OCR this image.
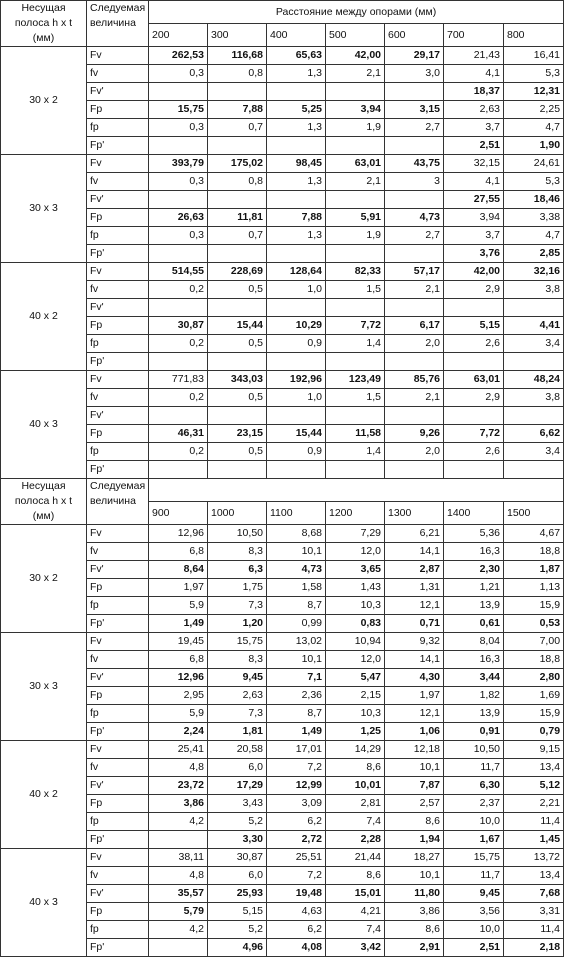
Несущая полоса h x t (мм)	Следуемая величина	Расстояние между опорами (мм)						
		200	300	400	500	600	700	800
30 x 2	Fv	262,53	116,68	65,63	42,00	29,17	21,43	16,41
	fv	0,3	0,8	1,3	2,1	3,0	4,1	5,3
	Fv'						18,37	12,31
	Fp	15,75	7,88	5,25	3,94	3,15	2,63	2,25
	fp	0,3	0,7	1,3	1,9	2,7	3,7	4,7
	Fp'						2,51	1,90
30 x 3	Fv	393,79	175,02	98,45	63,01	43,75	32,15	24,61
	fv	0,3	0,8	1,3	2,1	3	4,1	5,3
	Fv'						27,55	18,46
	Fp	26,63	11,81	7,88	5,91	4,73	3,94	3,38
	fp	0,3	0,7	1,3	1,9	2,7	3,7	4,7
	Fp'						3,76	2,85
40 x 2	Fv	514,55	228,69	128,64	82,33	57,17	42,00	32,16
	fv	0,2	0,5	1,0	1,5	2,1	2,9	3,8
	Fv'							
	Fp	30,87	15,44	10,29	7,72	6,17	5,15	4,41
	fp	0,2	0,5	0,9	1,4	2,0	2,6	3,4
	Fp'							
40 x 3	Fv	771,83	343,03	192,96	123,49	85,76	63,01	48,24
	fv	0,2	0,5	1,0	1,5	2,1	2,9	3,8
	Fv'							
	Fp	46,31	23,15	15,44	11,58	9,26	7,72	6,62
	fp	0,2	0,5	0,9	1,4	2,0	2,6	3,4
	Fp'							
Несущая полоса h x t (мм)	Следуемая величина							
		900	1000	1100	1200	1300	1400	1500
30 x 2	Fv	12,96	10,50	8,68	7,29	6,21	5,36	4,67
	fv	6,8	8,3	10,1	12,0	14,1	16,3	18,8
	Fv'	8,64	6,3	4,73	3,65	2,87	2,30	1,87
	Fp	1,97	1,75	1,58	1,43	1,31	1,21	1,13
	fp	5,9	7,3	8,7	10,3	12,1	13,9	15,9
	Fp'	1,49	1,20	0,99	0,83	0,71	0,61	0,53
30 x 3	Fv	19,45	15,75	13,02	10,94	9,32	8,04	7,00
	fv	6,8	8,3	10,1	12,0	14,1	16,3	18,8
	Fv'	12,96	9,45	7,1	5,47	4,30	3,44	2,80
	Fp	2,95	2,63	2,36	2,15	1,97	1,82	1,69
	fp	5,9	7,3	8,7	10,3	12,1	13,9	15,9
	Fp'	2,24	1,81	1,49	1,25	1,06	0,91	0,79
40 x 2	Fv	25,41	20,58	17,01	14,29	12,18	10,50	9,15
	fv	4,8	6,0	7,2	8,6	10,1	11,7	13,4
	Fv'	23,72	17,29	12,99	10,01	7,87	6,30	5,12
	Fp	3,86	3,43	3,09	2,81	2,57	2,37	2,21
	fp	4,2	5,2	6,2	7,4	8,6	10,0	11,4
	Fp'		3,30	2,72	2,28	1,94	1,67	1,45
40 x 3	Fv	38,11	30,87	25,51	21,44	18,27	15,75	13,72
	fv	4,8	6,0	7,2	8,6	10,1	11,7	13,4
	Fv'	35,57	25,93	19,48	15,01	11,80	9,45	7,68
	Fp	5,79	5,15	4,63	4,21	3,86	3,56	3,31
	fp	4,2	5,2	6,2	7,4	8,6	10,0	11,4
	Fp'		4,96	4,08	3,42	2,91	2,51	2,18
